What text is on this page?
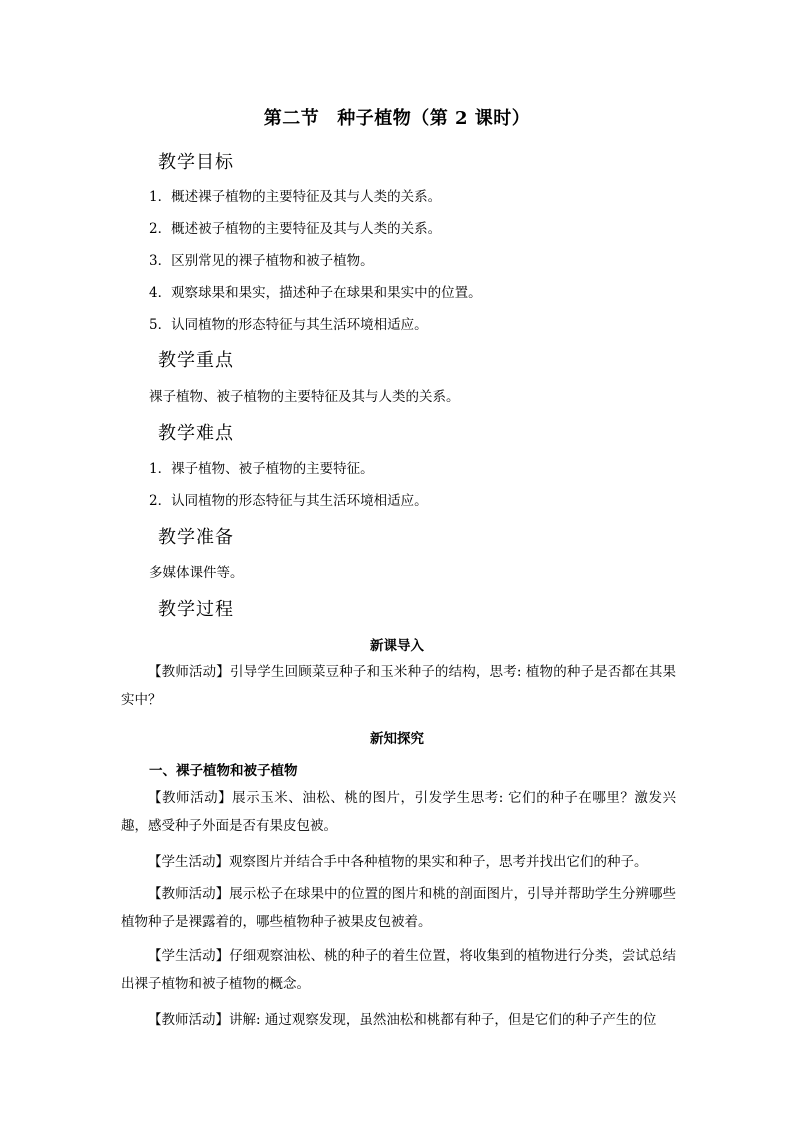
第二节 种子植物（第 2 课时）
教学目标
1．概述裸子植物的主要特征及其与人类的关系。
2．概述被子植物的主要特征及其与人类的关系。
3．区别常见的裸子植物和被子植物。
4．观察球果和果实，描述种子在球果和果实中的位置。
5．认同植物的形态特征与其生活环境相适应。
教学重点
裸子植物、被子植物的主要特征及其与人类的关系。
教学难点
1．裸子植物、被子植物的主要特征。
2．认同植物的形态特征与其生活环境相适应。
教学准备
多媒体课件等。
教学过程
新课导入
【教师活动】引导学生回顾菜豆种子和玉米种子的结构，思考: 植物的种子是否都在其果实中？
新知探究
一、裸子植物和被子植物
【教师活动】展示玉米、油松、桃的图片，引发学生思考: 它们的种子在哪里？激发兴趣，感受种子外面是否有果皮包被。
【学生活动】观察图片并结合手中各种植物的果实和种子，思考并找出它们的种子。
【教师活动】展示松子在球果中的位置的图片和桃的剖面图片，引导并帮助学生分辨哪些植物种子是裸露着的，哪些植物种子被果皮包被着。
【学生活动】仔细观察油松、桃的种子的着生位置，将收集到的植物进行分类，尝试总结出裸子植物和被子植物的概念。
【教师活动】讲解: 通过观察发现，虽然油松和桃都有种子，但是它们的种子产生的位
